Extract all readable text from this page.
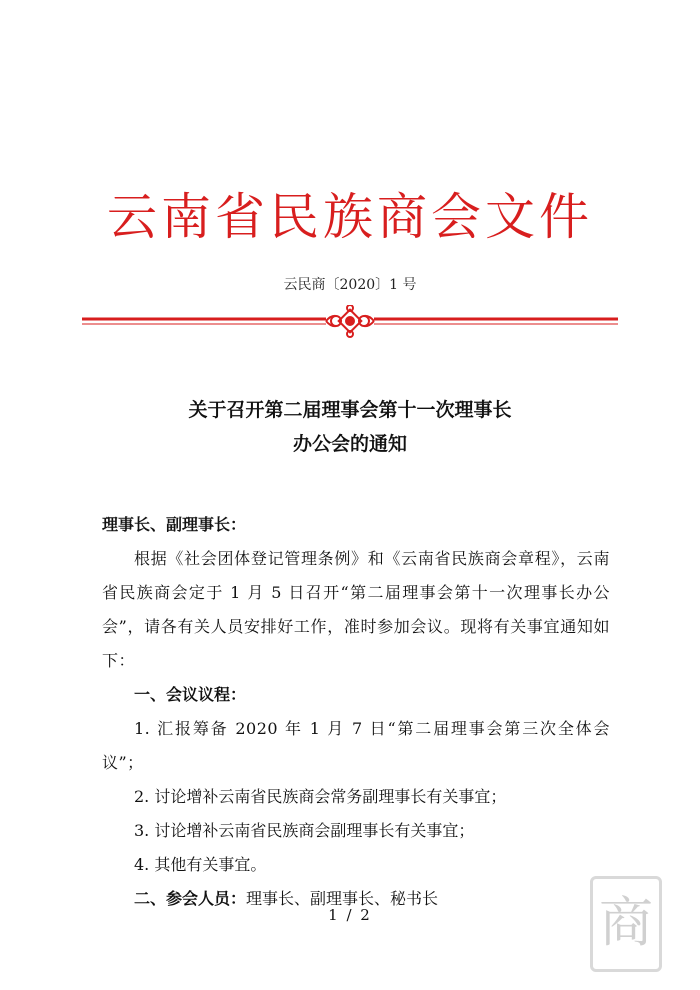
云南省民族商会文件
云民商〔2020〕1 号
关于召开第二届理事会第十一次理事长
办公会的通知

理事长、副理事长：

根据《社会团体登记管理条例》和《云南省民族商会章程》，云南省民族商会定于 1 月 5 日召开“第二届理事会第十一次理事长办公会”，请各有关人员安排好工作，准时参加会议。现将有关事宜通知如下：

一、会议议程：

1. 汇报筹备 2020 年 1 月 7 日“第二届理事会第三次全体会议”；

2. 讨论增补云南省民族商会常务副理事长有关事宜；

3. 讨论增补云南省民族商会副理事长有关事宜；

4. 其他有关事宜。

二、参会人员：理事长、副理事长、秘书长

1 / 2	商
